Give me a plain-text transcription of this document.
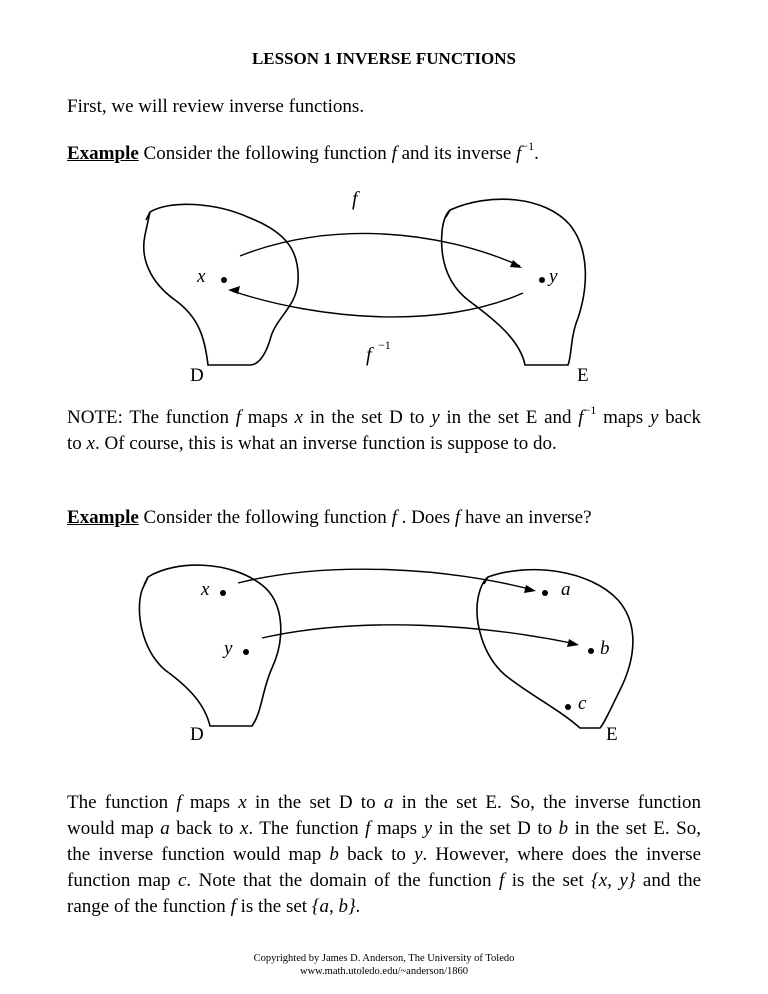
LESSON 1 INVERSE FUNCTIONS
First, we will review inverse functions.
Example Consider the following function f and its inverse $f^{-1}$.
f
x	y
f −1
D	E
NOTE: The function f maps x in the set D to y in the set E and $f^{-1}$ maps y back
to x. Of course, this is what an inverse function is suppose to do.
Example Consider the following function f . Does f have an inverse?
x
y
a
b
c
D	E
The function f maps x in the set D to a in the set E. So, the inverse function
would map a back to x. The function f maps y in the set D to b in the set E. So,
the inverse function would map b back to y. However, where does the inverse
function map c. Note that the domain of the function f is the set {x, y} and the
range of the function f is the set {a, b}.
Copyrighted by James D. Anderson, The University of Toledo
www.math.utoledo.edu/~anderson/1860
